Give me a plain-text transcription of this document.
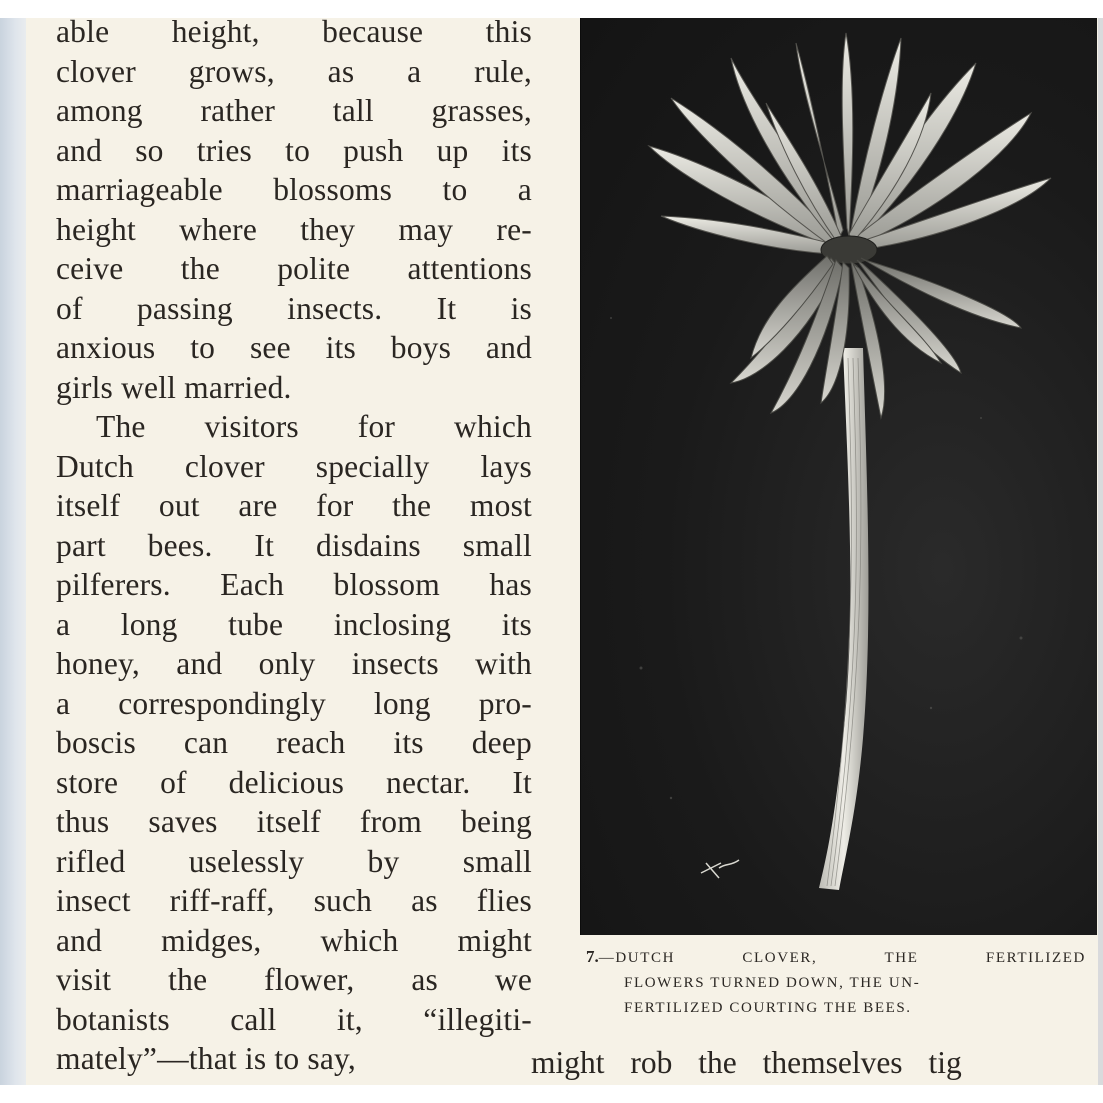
able height, because this
clover grows, as a rule,
among rather tall grasses,
and so tries to push up its
marriageable blossoms to a
height where they may re-
ceive the polite attentions
of passing insects. It is
anxious to see its boys and
girls well married.
The visitors for which
Dutch clover specially lays
itself out are for the most
part bees. It disdains small
pilferers. Each blossom has
a long tube inclosing its
honey, and only insects with
a correspondingly long pro-
boscis can reach its deep
store of delicious nectar. It
thus saves itself from being
rifled uselessly by small
insect riff-raff, such as flies
and midges, which might
visit the flower, as we
botanists call it, “illegiti-
mately”—that is to say,
7.—DUTCH CLOVER, THE FERTILIZED
FLOWERS TURNED DOWN, THE UN-
FERTILIZED COURTING THE BEES.
might rob the themselves tig
